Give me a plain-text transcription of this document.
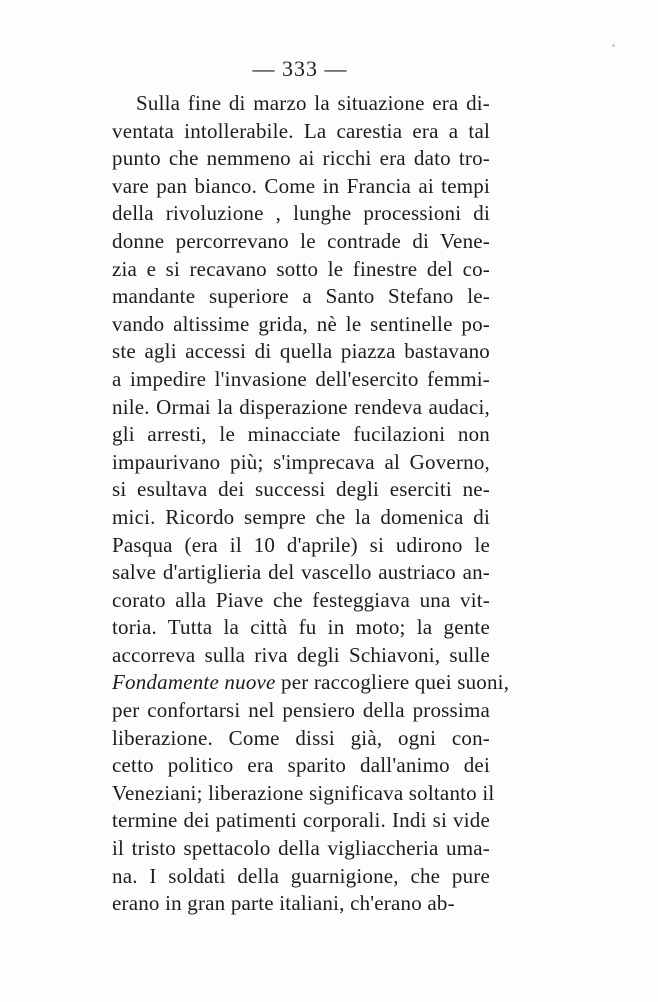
— 333 —
Sulla fine di marzo la situazione era di-
ventata intollerabile. La carestia era a tal
punto che nemmeno ai ricchi era dato tro-
vare pan bianco. Come in Francia ai tempi
della rivoluzione , lunghe processioni di
donne percorrevano le contrade di Vene-
zia e si recavano sotto le finestre del co-
mandante superiore a Santo Stefano le-
vando altissime grida, nè le sentinelle po-
ste agli accessi di quella piazza bastavano
a impedire l'invasione dell'esercito femmi-
nile. Ormai la disperazione rendeva audaci,
gli arresti, le minacciate fucilazioni non
impaurivano più; s'imprecava al Governo,
si esultava dei successi degli eserciti ne-
mici. Ricordo sempre che la domenica di
Pasqua (era il 10 d'aprile) si udirono le
salve d'artiglieria del vascello austriaco an-
corato alla Piave che festeggiava una vit-
toria. Tutta la città fu in moto; la gente
accorreva sulla riva degli Schiavoni, sulle
Fondamente nuove per raccogliere quei suoni,
per confortarsi nel pensiero della prossima
liberazione. Come dissi già, ogni con-
cetto politico era sparito dall'animo dei
Veneziani; liberazione significava soltanto il
termine dei patimenti corporali. Indi si vide
il tristo spettacolo della vigliaccheria uma-
na. I soldati della guarnigione, che pure
erano in gran parte italiani, ch'erano ab-
